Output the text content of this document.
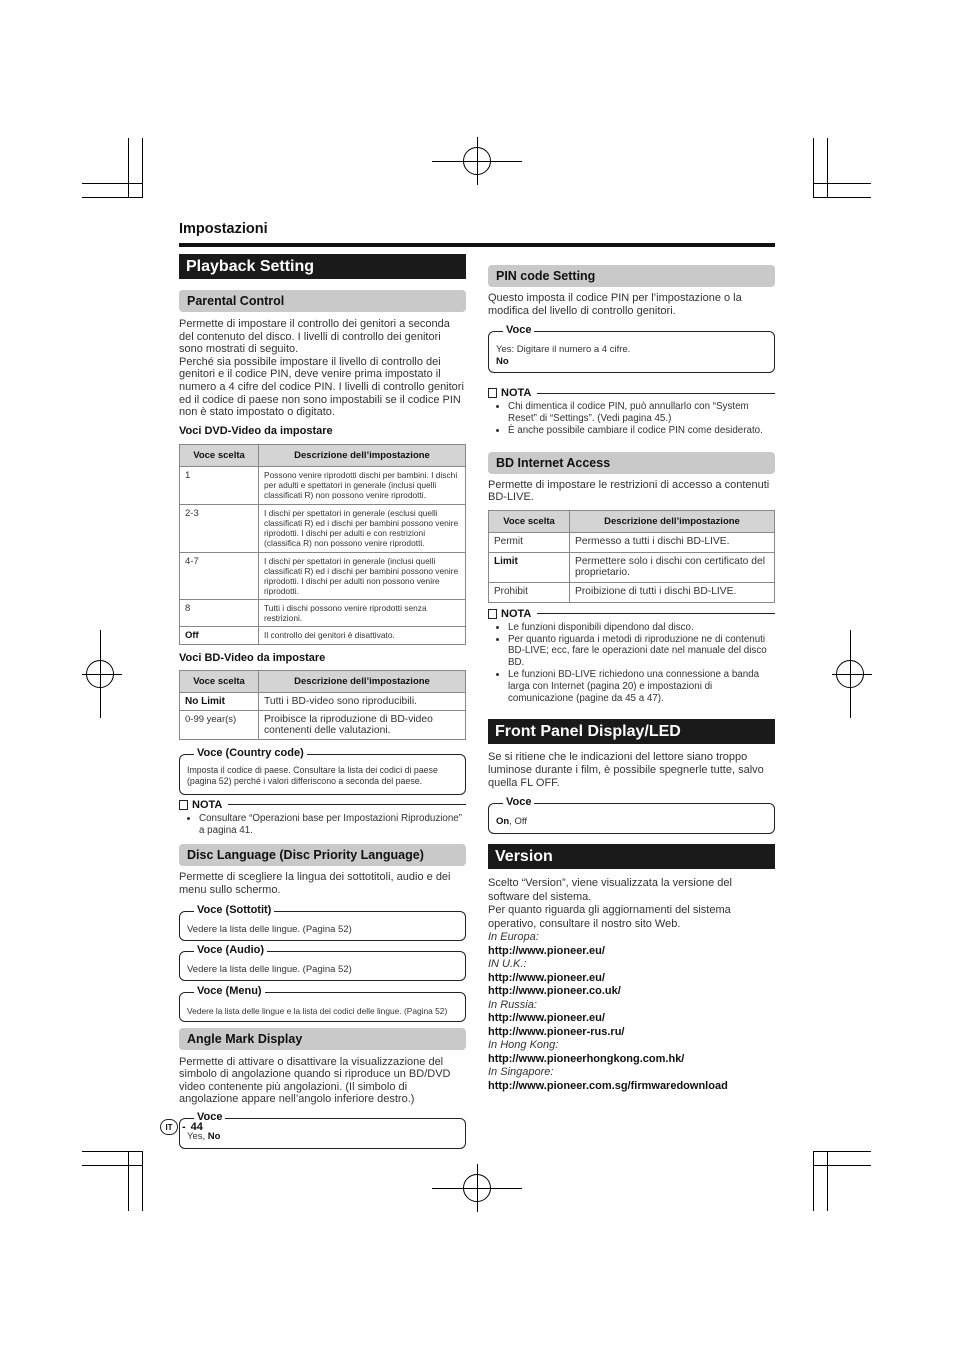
Impostazioni
Playback Setting
Parental Control

Permette di impostare il controllo dei genitori a seconda del contenuto del disco. I livelli di controllo dei genitori sono mostrati di seguito.

Perché sia possibile impostare il livello di controllo dei genitori e il codice PIN, deve venire prima impostato il numero a 4 cifre del codice PIN. I livelli di controllo genitori ed il codice di paese non sono impostabili se il codice PIN non è stato impostato o digitato.

Voci DVD-Video da impostare

Voce scelta	Descrizione dell’impostazione
1	Possono venire riprodotti dischi per bambini. I dischi per adulti e spettatori in generale (inclusi quelli classificati R) non possono venire riprodotti.
2-3	I dischi per spettatori in generale (esclusi quelli classificati R) ed i dischi per bambini possono venire riprodotti. I dischi per adulti e con restrizioni (classifica R) non possono venire riprodotti.
4-7	I dischi per spettatori in generale (inclusi quelli classificati R) ed i dischi per bambini possono venire riprodotti. I dischi per adulti non possono venire riprodotti.
8	Tutti i dischi possono venire riprodotti senza restrizioni.
Off	Il controllo dei genitori è disattivato.

Voci BD-Video da impostare

Voce scelta	Descrizione dell’impostazione
No Limit	Tutti i BD-video sono riproducibili.
0-99 year(s)	Proibisce la riproduzione di BD-video contenenti delle valutazioni.
Voce (Country code)
Imposta il codice di paese. Consultare la lista dei codici di paese (pagina 52) perché i valori differiscono a seconda del paese.
NOTA
• Consultare “Operazioni base per Impostazioni Riproduzione” a pagina 41.
Disc Language (Disc Priority Language)

Permette di scegliere la lingua dei sottotitoli, audio e dei menu sullo schermo.

Voce (Sottotit)
Vedere la lista delle lingue. (Pagina 52)
Voce (Audio)
Vedere la lista delle lingue. (Pagina 52)
Voce (Menu)
Vedere la lista delle lingue e la lista dei codici delle lingue. (Pagina 52)
Angle Mark Display

Permette di attivare o disattivare la visualizzazione del simbolo di angolazione quando si riproduce un BD/DVD video contenente più angolazioni. (Il simbolo di angolazione appare nell’angolo inferiore destro.)

Voce
Yes, No
PIN code Setting

Questo imposta il codice PIN per l’impostazione o la modifica del livello di controllo genitori.

Voce
Yes: Digitare il numero a 4 cifre.
No
NOTA
• Chi dimentica il codice PIN, può annullarlo con “System Reset” di “Settings”. (Vedi pagina 45.)
• È anche possibile cambiare il codice PIN come desiderato.
BD Internet Access

Permette di impostare le restrizioni di accesso a contenuti BD-LIVE.

Voce scelta	Descrizione dell’impostazione
Permit	Permesso a tutti i dischi BD-LIVE.
Limit	Permettere solo i dischi con certificato del proprietario.
Prohibit	Proibizione di tutti i dischi BD-LIVE.
NOTA
• Le funzioni disponibili dipendono dal disco.
• Per quanto riguarda i metodi di riproduzione ne di contenuti BD-LIVE; ecc, fare le operazioni date nel manuale del disco BD.
• Le funzioni BD-LIVE richiedono una connessione a banda larga con Internet (pagina 20) e impostazioni di comunicazione (pagine da 45 a 47).
Front Panel Display/LED

Se si ritiene che le indicazioni del lettore siano troppo luminose durante i film, è possibile spegnerle tutte, salvo quella FL OFF.

Voce
On, Off
Version

Scelto “Version”, viene visualizzata la versione del software del sistema.

Per quanto riguarda gli aggiornamenti del sistema operativo, consultare il nostro sito Web.

In Europa:
http://www.pioneer.eu/
IN U.K.:
http://www.pioneer.eu/
http://www.pioneer.co.uk/
In Russia:
http://www.pioneer.eu/
http://www.pioneer-rus.ru/
In Hong Kong:
http://www.pioneerhongkong.com.hk/
In Singapore:
http://www.pioneer.com.sg/firmwaredownload
IT - 44
